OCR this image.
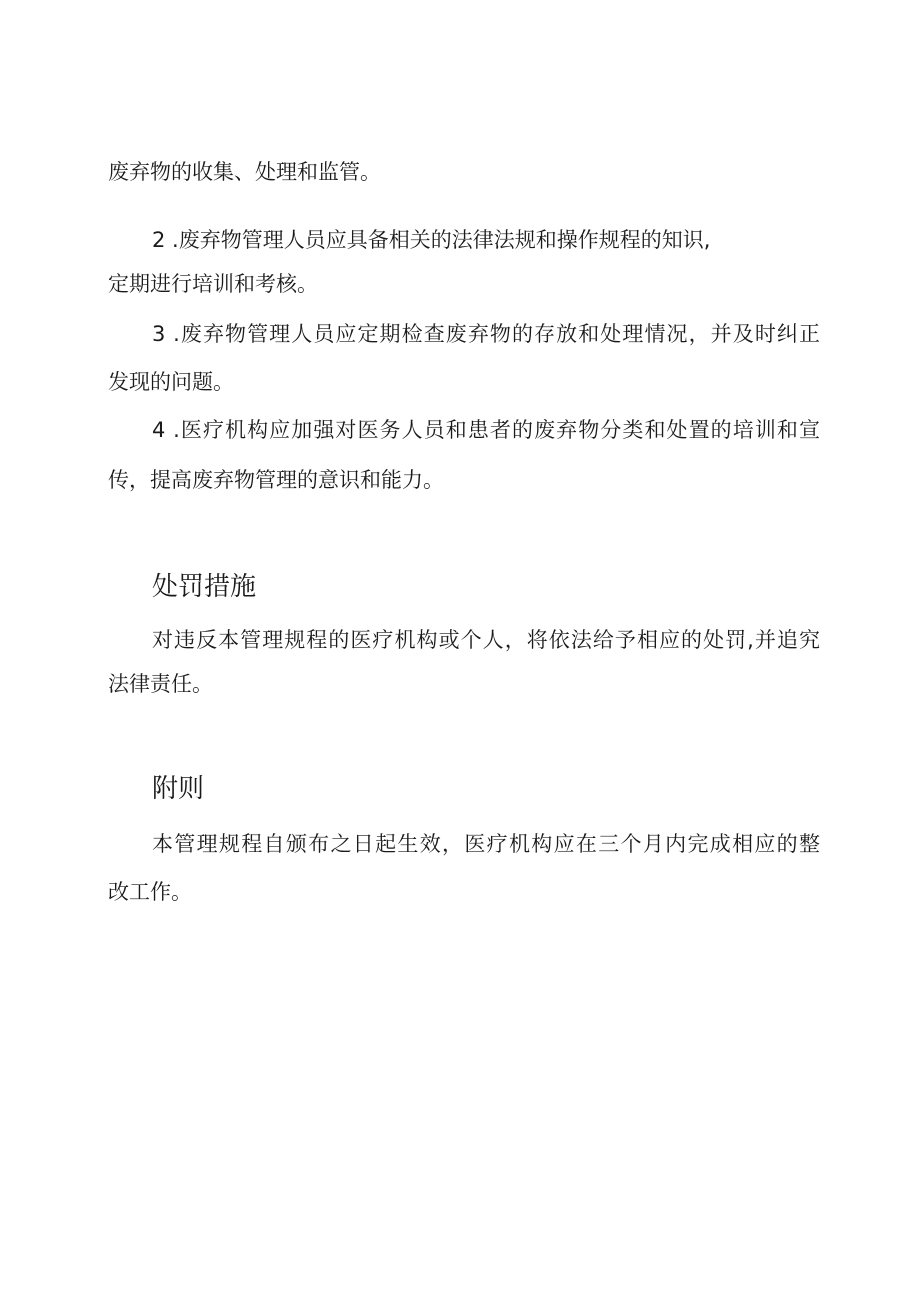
废弃物的收集、处理和监管。
2 .废弃物管理人员应具备相关的法律法规和操作规程的知识,
定期进行培训和考核。
3 .废弃物管理人员应定期检查废弃物的存放和处理情况，并及时纠正
发现的问题。
4 .医疗机构应加强对医务人员和患者的废弃物分类和处置的培训和宣
传，提高废弃物管理的意识和能力。
处罚措施
对违反本管理规程的医疗机构或个人，将依法给予相应的处罚,并追究
法律责任。
附则
本管理规程自颁布之日起生效，医疗机构应在三个月内完成相应的整
改工作。
